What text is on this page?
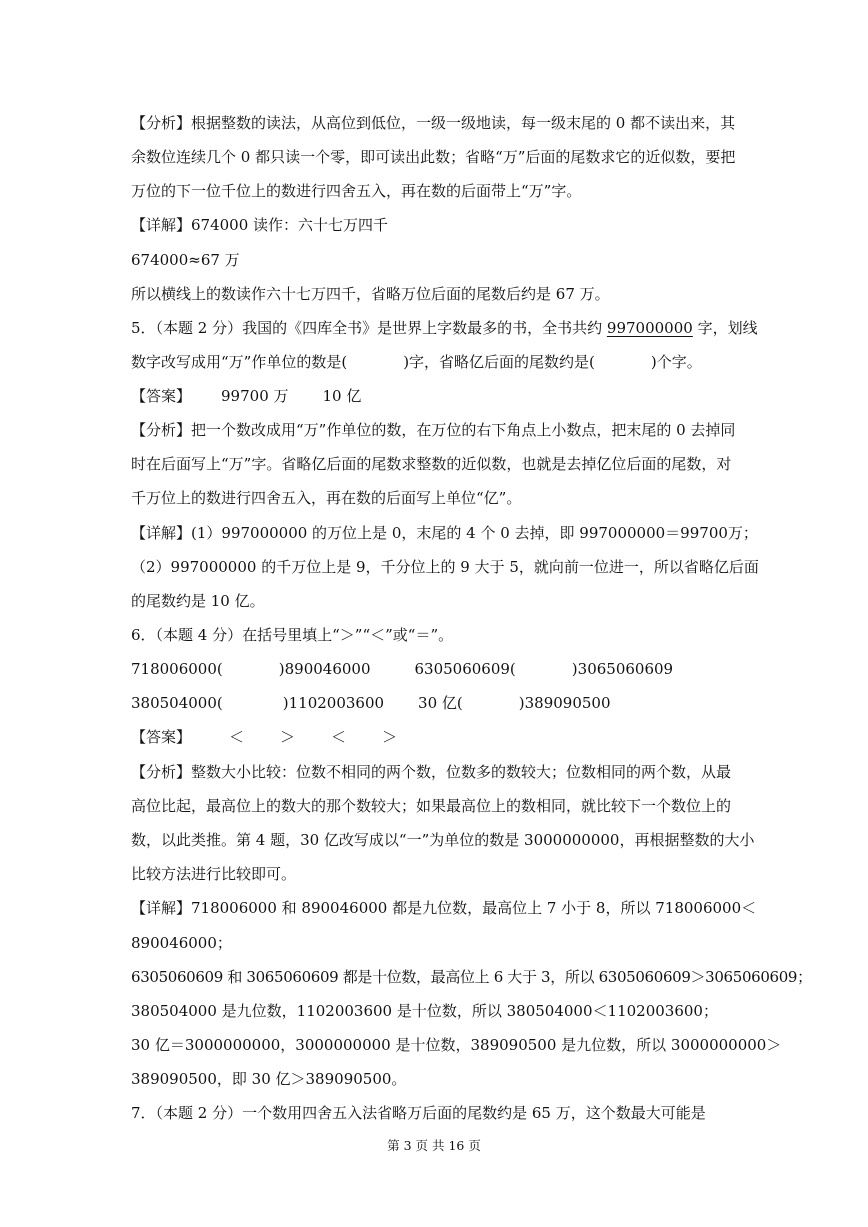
【分析】根据整数的读法，从高位到低位，一级一级地读，每一级末尾的 0 都不读出来，其
余数位连续几个 0 都只读一个零，即可读出此数；省略“万”后面的尾数求它的近似数，要把
万位的下一位千位上的数进行四舍五入，再在数的后面带上“万”字。
【详解】674000 读作：六十七万四千
674000≈67 万
所以横线上的数读作六十七万四千，省略万位后面的尾数后约是 67 万。
5．（本题 2 分）我国的《四库全书》是世界上字数最多的书，全书共约 997000000 字，划线
数字改写成用“万”作单位的数是(	)字，省略亿后面的尾数约是(	)个字。
【答案】 99700 万 10 亿
【分析】把一个数改成用“万”作单位的数，在万位的右下角点上小数点，把末尾的 0 去掉同
时在后面写上“万”字。省略亿后面的尾数求整数的近似数，也就是去掉亿位后面的尾数，对
千万位上的数进行四舍五入，再在数的后面写上单位“亿”。
【详解】(1）997000000 的万位上是 0，末尾的 4 个 0 去掉，即 997000000＝99700万；
（2）997000000 的千万位上是 9，千分位上的 9 大于 5，就向前一位进一，所以省略亿后面
的尾数约是 10 亿。
6．（本题 4 分）在括号里填上“＞”“＜”或“＝”。
718006000(	)890046000	6305060609(	)3065060609
380504000(	)1102003600 30 亿(	)389090500
【答案】	＜ ＞ ＜ ＞
【分析】整数大小比较：位数不相同的两个数，位数多的数较大；位数相同的两个数，从最
高位比起，最高位上的数大的那个数较大；如果最高位上的数相同，就比较下一个数位上的
数，以此类推。第 4 题，30 亿改写成以“一”为单位的数是 3000000000，再根据整数的大小
比较方法进行比较即可。
【详解】718006000 和 890046000 都是九位数，最高位上 7 小于 8，所以 718006000＜
890046000；
6305060609 和 3065060609 都是十位数，最高位上 6 大于 3，所以 6305060609＞3065060609；
380504000 是九位数，1102003600 是十位数，所以 380504000＜1102003600；
30 亿＝3000000000，3000000000 是十位数，389090500 是九位数，所以 3000000000＞
389090500，即 30 亿＞389090500。
7．（本题 2 分）一个数用四舍五入法省略万后面的尾数约是 65 万，这个数最大可能是
第 3 页 共 16 页
